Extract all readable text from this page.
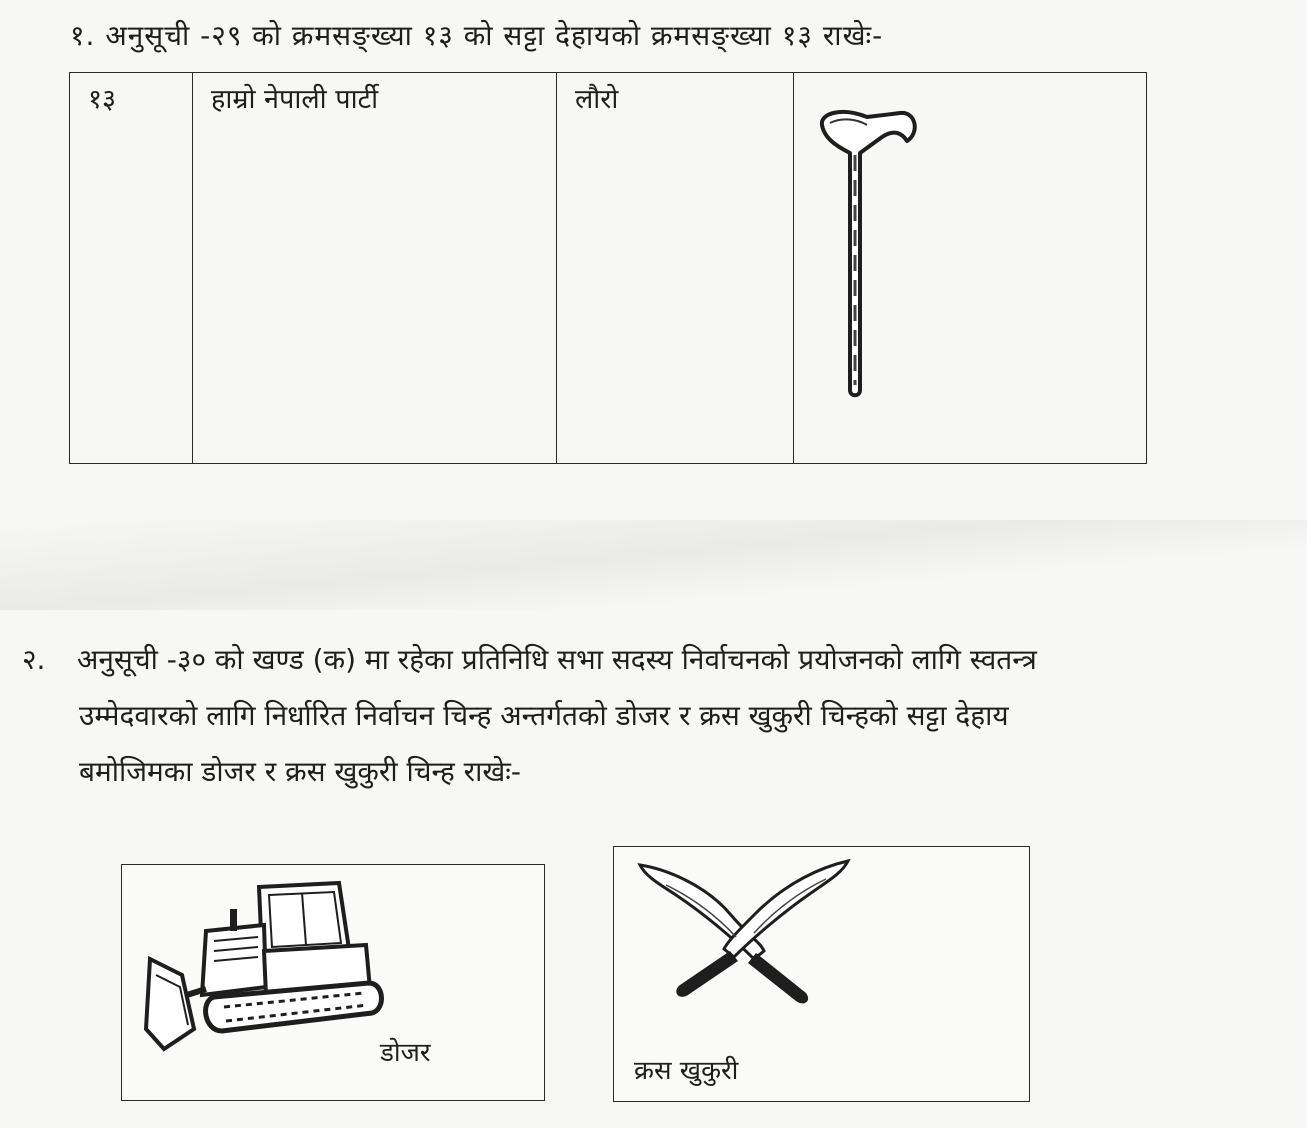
१. अनुसूची -२९ को क्रमसङ्ख्या १३ को सट्टा देहायको क्रमसङ्ख्या १३ राखेः-
१३	हाम्रो नेपाली पार्टी	लौरो	
२. अनुसूची -३० को खण्ड (क) मा रहेका प्रतिनिधि सभा सदस्य निर्वाचनको प्रयोजनको लागि स्वतन्त्र
उम्मेदवारको लागि निर्धारित निर्वाचन चिन्ह अन्तर्गतको डोजर र क्रस खुकुरी चिन्हको सट्टा देहाय
बमोजिमका डोजर र क्रस खुकुरी चिन्ह राखेः-
डोजर
क्रस खुकुरी
